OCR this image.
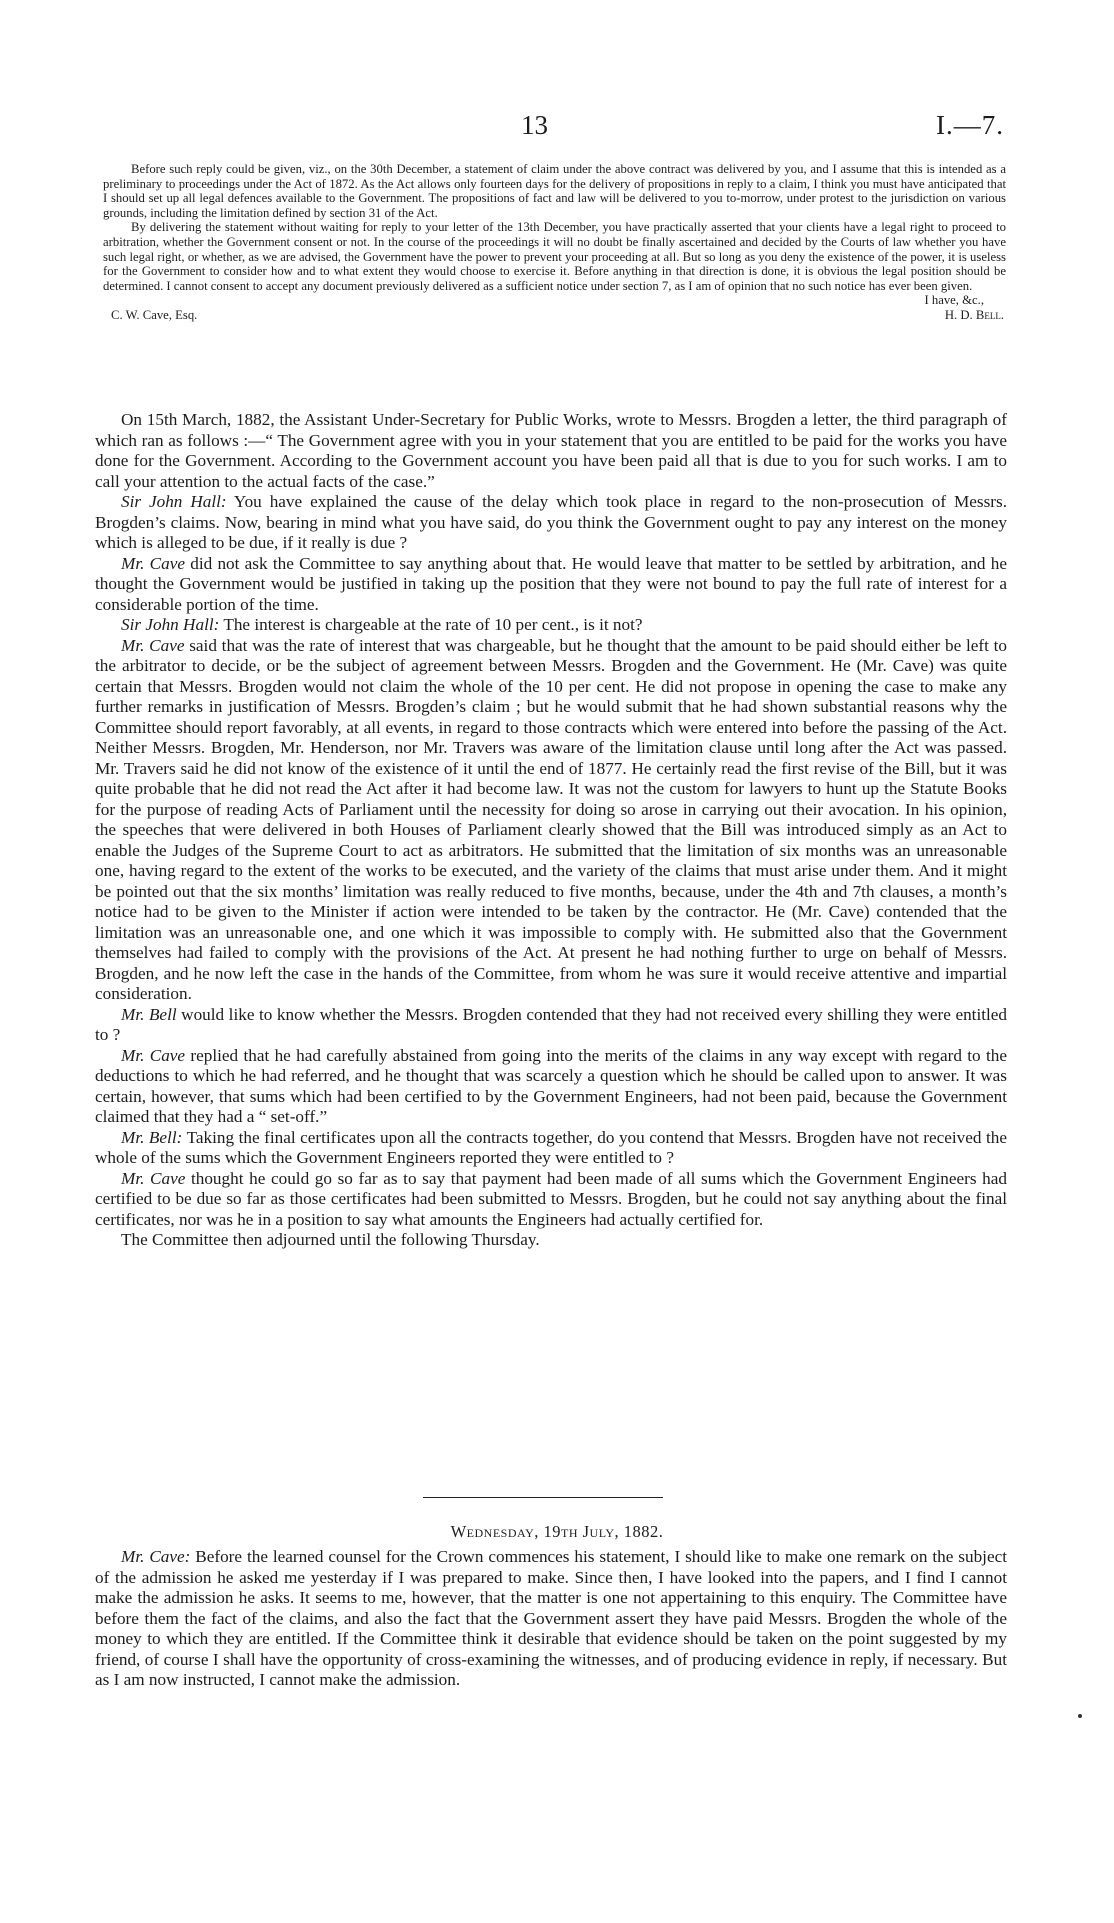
13	I.—7.

Before such reply could be given, viz., on the 30th December, a statement of claim under the above contract was delivered by you, and I assume that this is intended as a preliminary to proceedings under the Act of 1872. As the Act allows only fourteen days for the delivery of propositions in reply to a claim, I think you must have anticipated that I should set up all legal defences available to the Government. The propositions of fact and law will be delivered to you to-morrow, under protest to the jurisdiction on various grounds, including the limitation defined by section 31 of the Act.

By delivering the statement without waiting for reply to your letter of the 13th December, you have practically asserted that your clients have a legal right to proceed to arbitration, whether the Government consent or not. In the course of the proceedings it will no doubt be finally ascertained and decided by the Courts of law whether you have such legal right, or whether, as we are advised, the Government have the power to prevent your proceeding at all. But so long as you deny the existence of the power, it is useless for the Government to consider how and to what extent they would choose to exercise it. Before anything in that direction is done, it is obvious the legal position should be determined. I cannot consent to accept any document previously delivered as a sufficient notice under section 7, as I am of opinion that no such notice has ever been given.

I have, &c.,
C. W. Cave, Esq.	H. D. Bell.

On 15th March, 1882, the Assistant Under-Secretary for Public Works, wrote to Messrs. Brogden a letter, the third paragraph of which ran as follows :—“ The Government agree with you in your statement that you are entitled to be paid for the works you have done for the Government. According to the Government account you have been paid all that is due to you for such works. I am to call your attention to the actual facts of the case.”

Sir John Hall: You have explained the cause of the delay which took place in regard to the non-prosecution of Messrs. Brogden’s claims. Now, bearing in mind what you have said, do you think the Government ought to pay any interest on the money which is alleged to be due, if it really is due ?

Mr. Cave did not ask the Committee to say anything about that. He would leave that matter to be settled by arbitration, and he thought the Government would be justified in taking up the position that they were not bound to pay the full rate of interest for a considerable portion of the time.

Sir John Hall: The interest is chargeable at the rate of 10 per cent., is it not?

Mr. Cave said that was the rate of interest that was chargeable, but he thought that the amount to be paid should either be left to the arbitrator to decide, or be the subject of agreement between Messrs. Brogden and the Government. He (Mr. Cave) was quite certain that Messrs. Brogden would not claim the whole of the 10 per cent. He did not propose in opening the case to make any further remarks in justification of Messrs. Brogden’s claim ; but he would submit that he had shown substantial reasons why the Committee should report favorably, at all events, in regard to those contracts which were entered into before the passing of the Act. Neither Messrs. Brogden, Mr. Henderson, nor Mr. Travers was aware of the limitation clause until long after the Act was passed. Mr. Travers said he did not know of the existence of it until the end of 1877. He certainly read the first revise of the Bill, but it was quite probable that he did not read the Act after it had become law. It was not the custom for lawyers to hunt up the Statute Books for the purpose of reading Acts of Parliament until the necessity for doing so arose in carrying out their avocation. In his opinion, the speeches that were delivered in both Houses of Parliament clearly showed that the Bill was introduced simply as an Act to enable the Judges of the Supreme Court to act as arbitrators. He submitted that the limitation of six months was an unreasonable one, having regard to the extent of the works to be executed, and the variety of the claims that must arise under them. And it might be pointed out that the six months’ limitation was really reduced to five months, because, under the 4th and 7th clauses, a month’s notice had to be given to the Minister if action were intended to be taken by the contractor. He (Mr. Cave) contended that the limitation was an unreasonable one, and one which it was impossible to comply with. He submitted also that the Government themselves had failed to comply with the provisions of the Act. At present he had nothing further to urge on behalf of Messrs. Brogden, and he now left the case in the hands of the Committee, from whom he was sure it would receive attentive and impartial consideration.

Mr. Bell would like to know whether the Messrs. Brogden contended that they had not received every shilling they were entitled to ?

Mr. Cave replied that he had carefully abstained from going into the merits of the claims in any way except with regard to the deductions to which he had referred, and he thought that was scarcely a question which he should be called upon to answer. It was certain, however, that sums which had been certified to by the Government Engineers, had not been paid, because the Government claimed that they had a “ set-off.”

Mr. Bell: Taking the final certificates upon all the contracts together, do you contend that Messrs. Brogden have not received the whole of the sums which the Government Engineers reported they were entitled to ?

Mr. Cave thought he could go so far as to say that payment had been made of all sums which the Government Engineers had certified to be due so far as those certificates had been submitted to Messrs. Brogden, but he could not say anything about the final certificates, nor was he in a position to say what amounts the Engineers had actually certified for.

The Committee then adjourned until the following Thursday.

Wednesday, 19th July, 1882.

Mr. Cave: Before the learned counsel for the Crown commences his statement, I should like to make one remark on the subject of the admission he asked me yesterday if I was prepared to make. Since then, I have looked into the papers, and I find I cannot make the admission he asks. It seems to me, however, that the matter is one not appertaining to this enquiry. The Committee have before them the fact of the claims, and also the fact that the Government assert they have paid Messrs. Brogden the whole of the money to which they are entitled. If the Committee think it desirable that evidence should be taken on the point suggested by my friend, of course I shall have the opportunity of cross-examining the witnesses, and of producing evidence in reply, if necessary. But as I am now instructed, I cannot make the admission.
